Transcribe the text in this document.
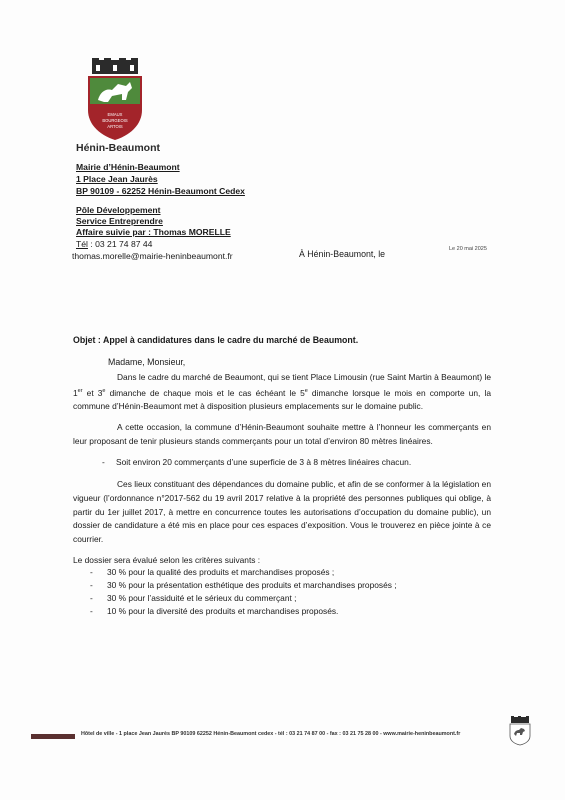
EMAUX
BOURGEOIS
ARTOIS
Hénin-Beaumont
Mairie d’Hénin-Beaumont
1 Place Jean Jaurès
BP 90109 - 62252 Hénin-Beaumont Cedex
Pôle Développement
Service Entreprendre
Affaire suivie par : Thomas MORELLE
Tél : 03 21 74 87 44
thomas.morelle@mairie-heninbeaumont.fr	À Hénin-Beaumont, le	Le 20 mai 2025
Objet : Appel à candidatures dans le cadre du marché de Beaumont.
Madame, Monsieur,
Dans le cadre du marché de Beaumont, qui se tient Place Limousin (rue Saint Martin à Beaumont) le 1er et 3e dimanche de chaque mois et le cas échéant le 5e dimanche lorsque le mois en comporte un, la commune d’Hénin-Beaumont met à disposition plusieurs emplacements sur le domaine public.
A cette occasion, la commune d’Hénin-Beaumont souhaite mettre à l’honneur les commerçants en leur proposant de tenir plusieurs stands commerçants pour un total d’environ 80 mètres linéaires.
- Soit environ 20 commerçants d’une superficie de 3 à 8 mètres linéaires chacun.
Ces lieux constituant des dépendances du domaine public, et afin de se conformer à la législation en vigueur (l’ordonnance n°2017-562 du 19 avril 2017 relative à la propriété des personnes publiques qui oblige, à partir du 1er juillet 2017, à mettre en concurrence toutes les autorisations d’occupation du domaine public), un dossier de candidature a été mis en place pour ces espaces d’exposition. Vous le trouverez en pièce jointe à ce courrier.
Le dossier sera évalué selon les critères suivants :
- 30 % pour la qualité des produits et marchandises proposés ;
- 30 % pour la présentation esthétique des produits et marchandises proposés ;
- 30 % pour l’assiduité et le sérieux du commerçant ;
- 10 % pour la diversité des produits et marchandises proposés.
Hôtel de ville - 1 place Jean Jaurès BP 90109 62252 Hénin-Beaumont cedex - tél : 03 21 74 87 00 - fax : 03 21 75 28 00 - www.mairie-heninbeaumont.fr
